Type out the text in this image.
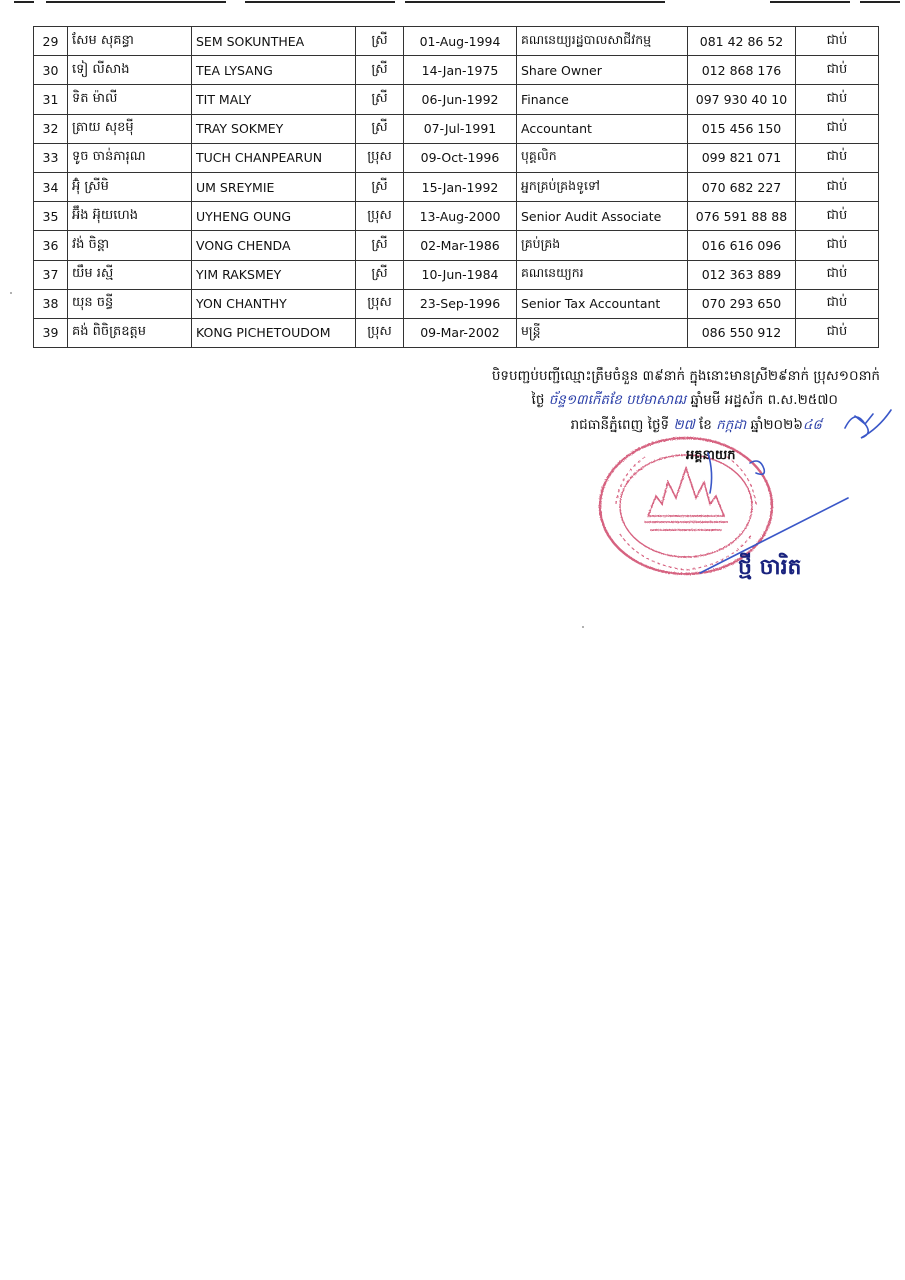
29	សែម សុគន្ធា	SEM SOKUNTHEA	ស្រី	01-Aug-1994	គណនេយ្យរដ្ឋបាលសាជីវកម្ម	081 42 86 52	ជាប់
30	ទៀ លីសាង	TEA LYSANG	ស្រី	14-Jan-1975	Share Owner	012 868 176	ជាប់
31	ទិត ម៉ាលី	TIT MALY	ស្រី	06-Jun-1992	Finance	097 930 40 10	ជាប់
32	ត្រាយ សុខមុី	TRAY SOKMEY	ស្រី	07-Jul-1991	Accountant	015 456 150	ជាប់
33	ទូច ចាន់ភារុណ	TUCH CHANPEARUN	ប្រុស	09-Oct-1996	បុគ្គលិក	099 821 071	ជាប់
34	អ៊ុំ ស្រីមិ	UM SREYMIE	ស្រី	15-Jan-1992	អ្នកគ្រប់គ្រងទូទៅ	070 682 227	ជាប់
35	អ៊ឹង អ៊ុយហេង	UYHENG OUNG	ប្រុស	13-Aug-2000	Senior Audit Associate	076 591 88 88	ជាប់
36	វង់ ចិន្តា	VONG CHENDA	ស្រី	02-Mar-1986	គ្រប់គ្រង	016 616 096	ជាប់
37	យឹម រស្មី	YIM RAKSMEY	ស្រី	10-Jun-1984	គណនេយ្យករ	012 363 889	ជាប់
38	យុន ចន្ធី	YON CHANTHY	ប្រុស	23-Sep-1996	Senior Tax Accountant	070 293 650	ជាប់
39	គង់ ពិចិត្រឧត្តម	KONG PICHETOUDOM	ប្រុស	09-Mar-2002	មន្ត្រី	086 550 912	ជាប់
បិទបញ្ជប់បញ្ជីឈ្មោះត្រឹមចំនួន ៣៩នាក់ ក្នុងនោះមានស្រី២៩នាក់ ប្រុស១០នាក់
ថ្ងៃ ច័ន្ទ១៣កើតខែ បឋមាសាឍ ឆ្នាំមមី អដ្ឋស័ក ព.ស.២៥៧០
រាជធានីភ្នំពេញ ថ្ងៃទី ២៧ ខែ កក្កដា ឆ្នាំ២០២៦៤៨
អគ្គនាយក
ថ្មី ចារិត
